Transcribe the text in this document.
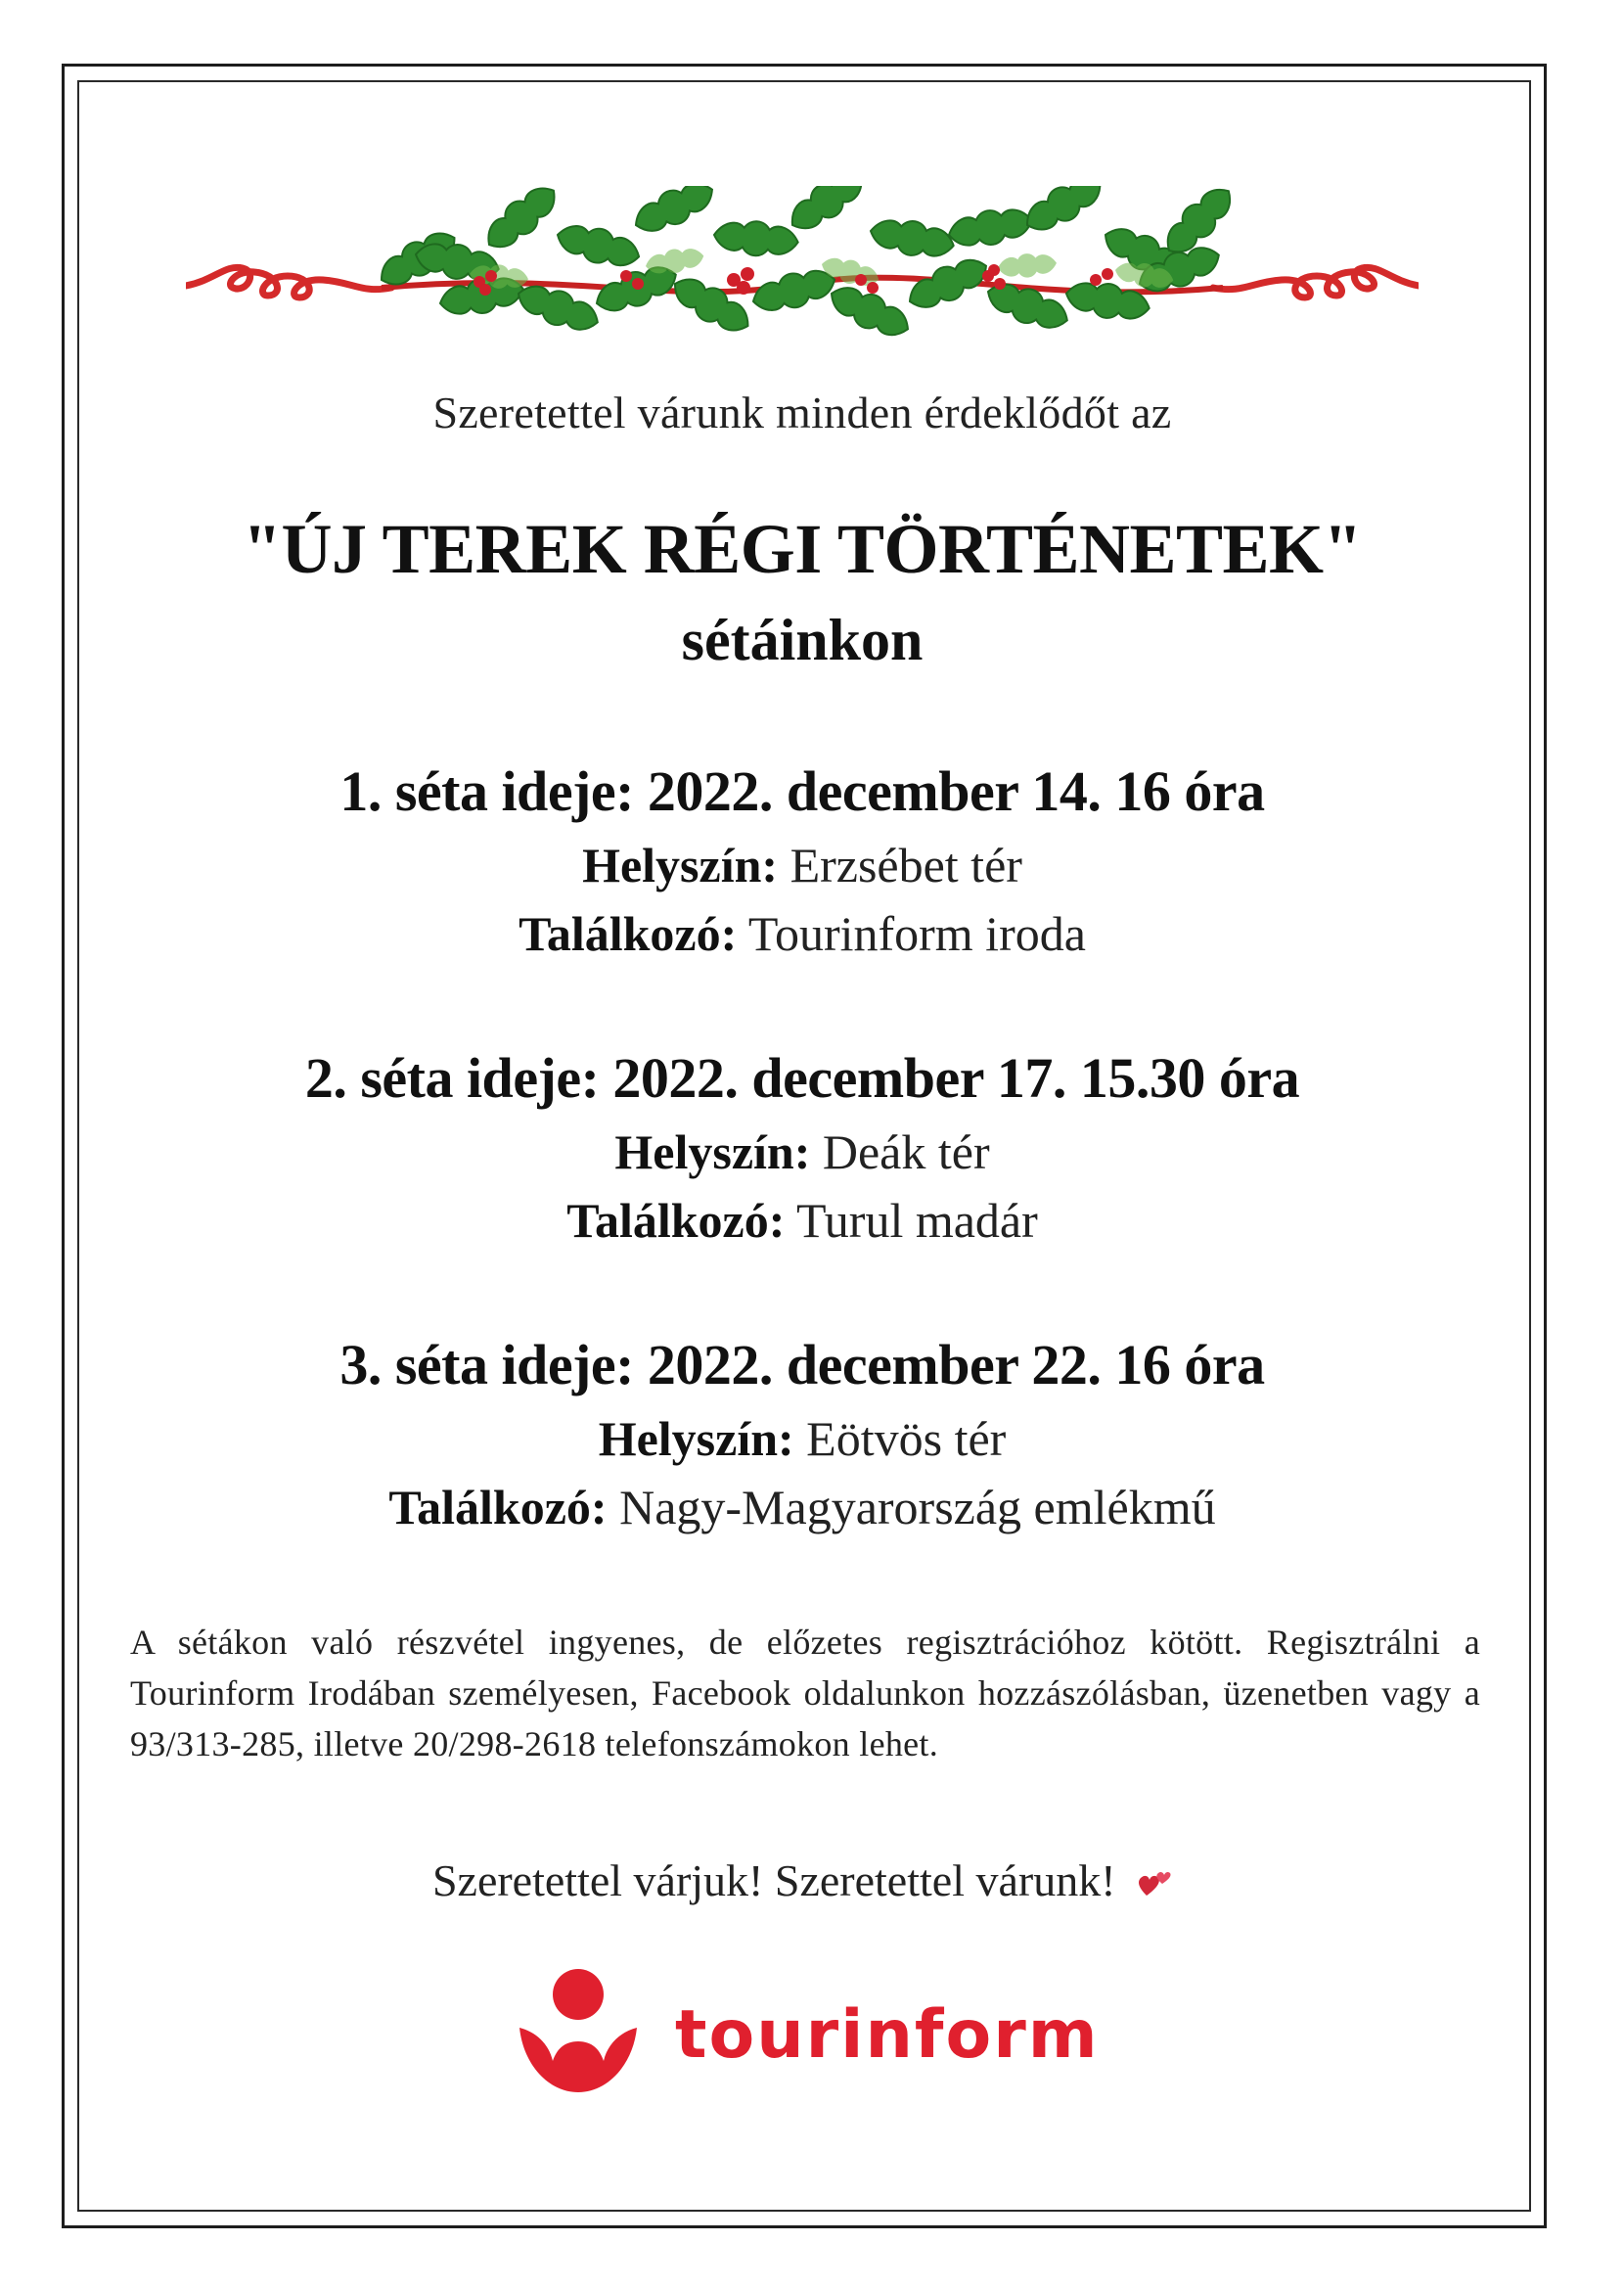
Szeretettel várunk minden érdeklődőt az
"ÚJ TEREK RÉGI TÖRTÉNETEK"
sétáinkon
1. séta ideje: 2022. december 14. 16 óra
Helyszín: Erzsébet tér
Találkozó: Tourinform iroda
2. séta ideje: 2022. december 17. 15.30 óra
Helyszín: Deák tér
Találkozó: Turul madár
3. séta ideje: 2022. december 22. 16 óra
Helyszín: Eötvös tér
Találkozó: Nagy-Magyarország emlékmű
A sétákon való részvétel ingyenes, de előzetes regisztrációhoz kötött. Regisztrálni a Tourinform Irodában személyesen, Facebook oldalunkon hozzászólásban, üzenetben vagy a 93/313-285, illetve 20/298-2618 telefonszámokon lehet.
Szeretettel várjuk! Szeretettel várunk!
tourinform
